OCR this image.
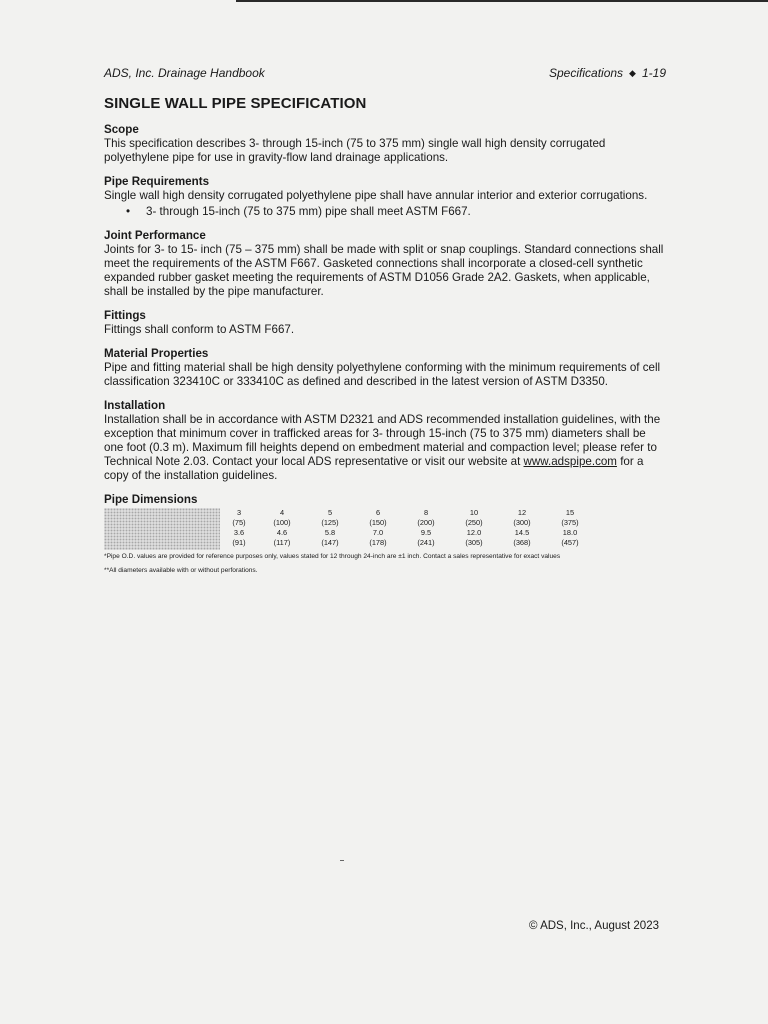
ADS, Inc. Drainage Handbook	Specifications ◆ 1-19
SINGLE WALL PIPE SPECIFICATION
Scope

This specification describes 3- through 15-inch (75 to 375 mm) single wall high density corrugated polyethylene pipe for use in gravity-flow land drainage applications.

Pipe Requirements

Single wall high density corrugated polyethylene pipe shall have annular interior and exterior corrugations.

• 3- through 15-inch (75 to 375 mm) pipe shall meet ASTM F667.
Joint Performance

Joints for 3- to 15- inch (75 – 375 mm) shall be made with split or snap couplings. Standard connections shall meet the requirements of the ASTM F667. Gasketed connections shall incorporate a closed-cell synthetic expanded rubber gasket meeting the requirements of ASTM D1056 Grade 2A2. Gaskets, when applicable, shall be installed by the pipe manufacturer.

Fittings

Fittings shall conform to ASTM F667.

Material Properties

Pipe and fitting material shall be high density polyethylene conforming with the minimum requirements of cell classification 323410C or 333410C as defined and described in the latest version of ASTM D3350.

Installation

Installation shall be in accordance with ASTM D2321 and ADS recommended installation guidelines, with the exception that minimum cover in trafficked areas for 3- through 15-inch (75 to 375 mm) diameters shall be one foot (0.3 m). Maximum fill heights depend on embedment material and compaction level; please refer to Technical Note 2.03. Contact your local ADS representative or visit our website at www.adspipe.com for a copy of the installation guidelines.

Pipe Dimensions
3
(75)
3.6
(91)
4
(100)
4.6
(117)
5
(125)
5.8
(147)
6
(150)
7.0
(178)
8
(200)
9.5
(241)
10
(250)
12.0
(305)
12
(300)
14.5
(368)
15
(375)
18.0
(457)

*Pipe O.D. values are provided for reference purposes only, values stated for 12 through 24-inch are ±1 inch. Contact a sales representative for exact values

**All diameters available with or without perforations.

© ADS, Inc., August 2023
